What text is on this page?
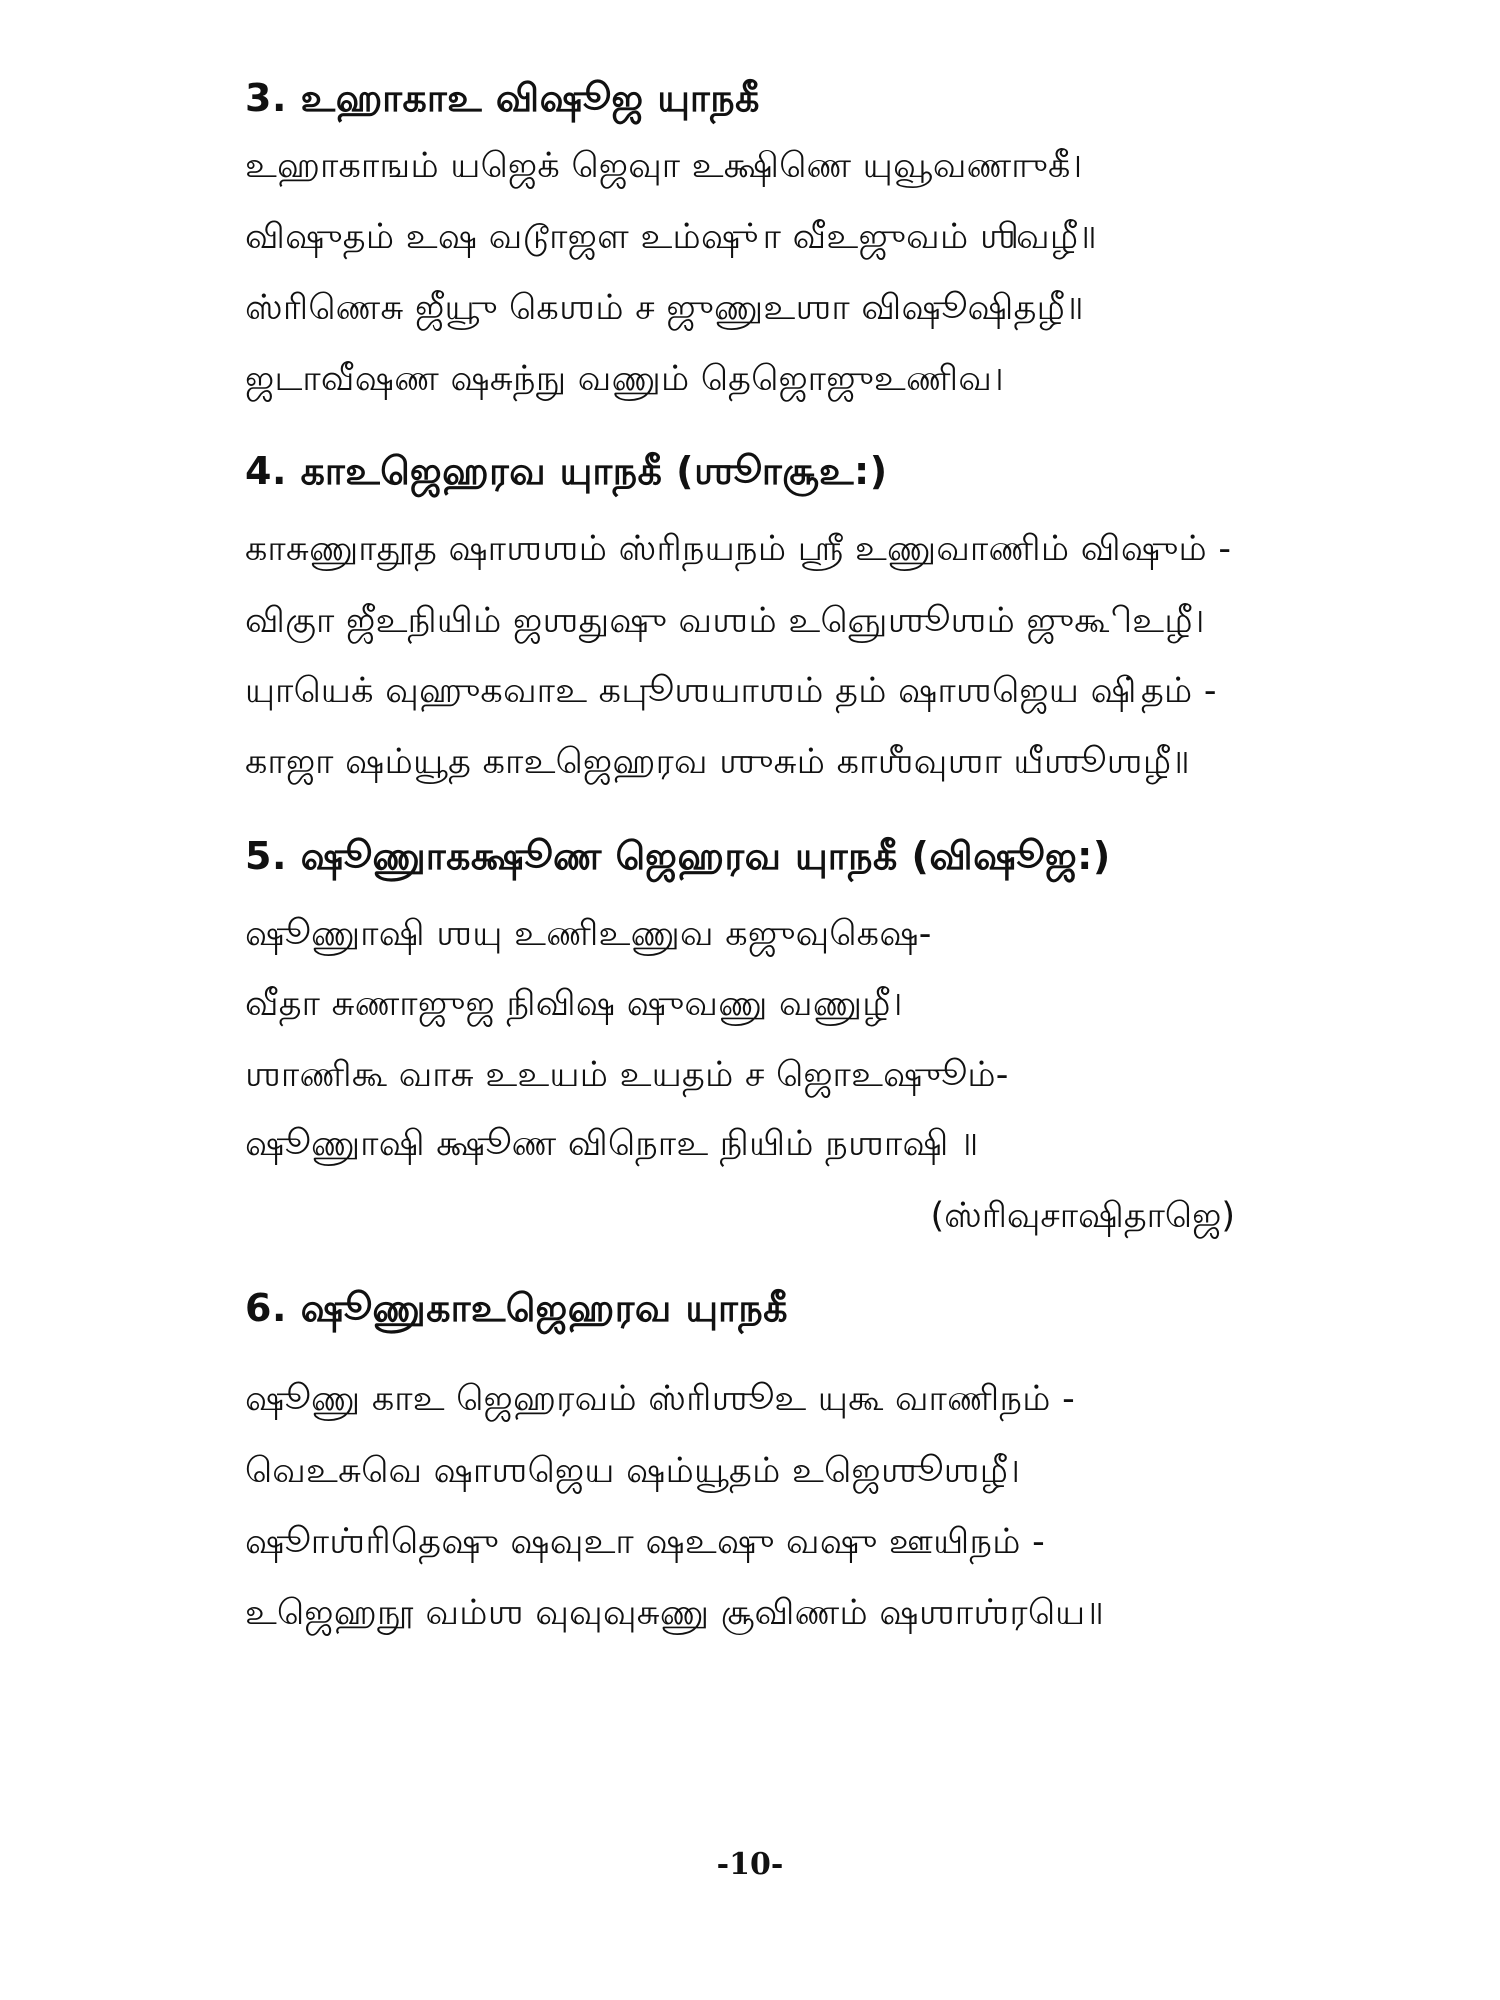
3. உஹாகாஉ விஷூஜ யுாநகீ
உஹாகாஙம் யஜெக் ஜெவுா உக்ஷிணெ யுவூவணாுகீ।
விஷுதம் உஷ வடூாஜள உம்ஷு்ா வீஉஜுவம் ஶிவழீ॥
ஸ்ரிணெசு ஜீயூு கெஶம் ச ஜுணுஉஶா விஷூஷிதழீ॥
ஜடாவீஷண ஷசுந்நு வணும் தெஜொஜுஉணிவ।
4. காஉஜெஹரவ யுாநகீ (ஶூாசூஉ:)
காசுணுாதூத ஷாஶஶம் ஸ்ரிநயநம் ஸ்ரீ உணுவாணிம் விஷும் -
விகுா ஜீஉநியிம் ஜஶதுஷு வஶம் உஞெுஶூஶம் ஜுகூிஉழீ।
யுாயெக் வுஹுகவாஉ கபுூஶயாஶம் தம் ஷாஶஜெய ஷி்தம் -
காஜா ஷம்யூத காஉஜெஹரவ ஶுசும் காஶீவுஶா யீஶூஶழீ॥
5. ஷூணுாகக்ஷூண ஜெஹரவ யுாநகீ (விஷூஜ:)
ஷூணுாஷி ஶயு உணிஉணுவ கஜுவுகெஷ-
வீதா சுணாஜுஜ நிவிஷ ஷுவணு வணுழீ।
ஶாணிகூ வாசு உஉயம் உயதம் ச ஜொஉஷுூம்-
ஷூணுாஷி க்ஷூண விநொஉ நியிம் நஶாஷி ॥
(ஸ்ரிவுசாஷிதாஜெ)
6. ஷூணுகாஉஜெஹரவ யுாநகீ
ஷூணு காஉ ஜெஹரவம் ஸ்ரிஶூஉ யுகூ வாணிநம் -
வெஉசுவெ ஷாஶஜெய ஷம்யூதம் உஜெஶூஶழீ।
ஷூாஶ்ரிதெஷு ஷவுஉா ஷஉஷு வஷு ஊயிநம் -
உஜெஹநூ வம்ஶ வுவுவுசுணு சூவிணம் ஷஶாஶ்ரயெ॥
-10-
